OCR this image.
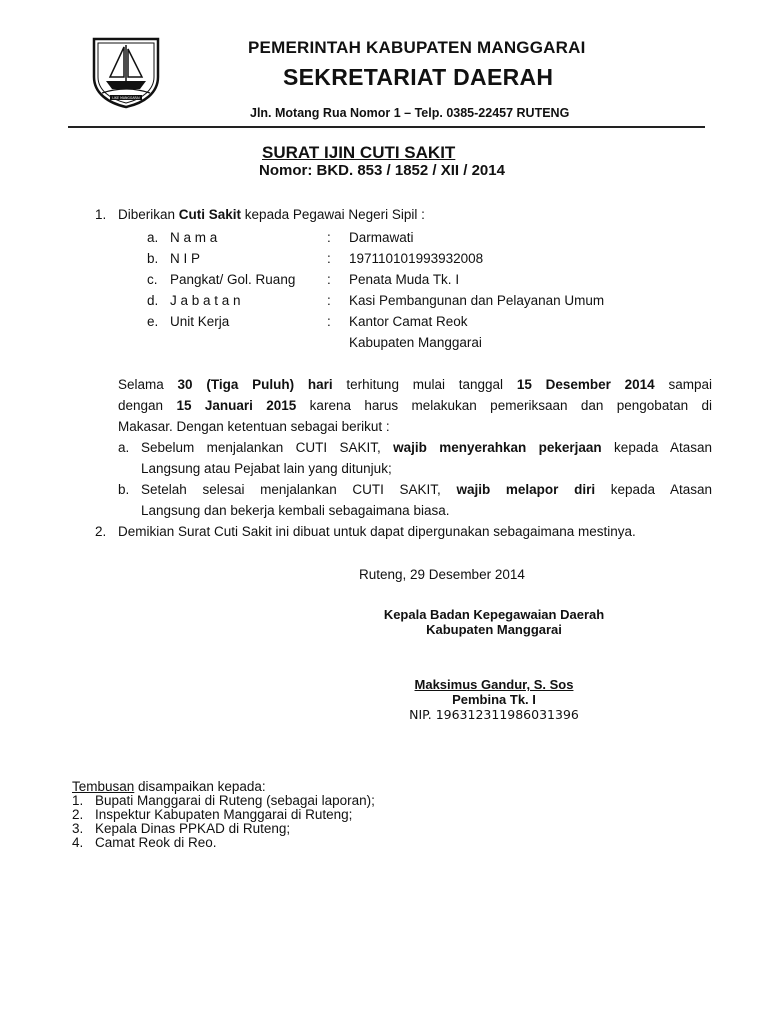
LIKE MANGGARAI
PEMERINTAH KABUPATEN MANGGARAI
SEKRETARIAT DAERAH
Jln. Motang Rua Nomor 1 – Telp. 0385-22457 RUTENG
SURAT IJIN CUTI SAKIT
Nomor: BKD. 853 / 1852 / XII / 2014
1. Diberikan Cuti Sakit kepada Pegawai Negeri Sipil :
a. N a m a	: Darmawati
b. N I P	: 197110101993932008
c. Pangkat/ Gol. Ruang : Penata Muda Tk. I
d. J a b a t a n	: Kasi Pembangunan dan Pelayanan Umum
e. Unit Kerja	: Kantor Camat Reok
Kabupaten Manggarai
Selama 30 (Tiga Puluh) hari terhitung mulai tanggal 15 Desember 2014 sampai
dengan 15 Januari 2015 karena harus melakukan pemeriksaan dan pengobatan di
Makasar. Dengan ketentuan sebagai berikut :
a. Sebelum menjalankan CUTI SAKIT, wajib menyerahkan pekerjaan kepada Atasan
Langsung atau Pejabat lain yang ditunjuk;
b. Setelah selesai menjalankan CUTI SAKIT, wajib melapor diri kepada Atasan
Langsung dan bekerja kembali sebagaimana biasa.
2. Demikian Surat Cuti Sakit ini dibuat untuk dapat dipergunakan sebagaimana mestinya.
Ruteng, 29 Desember 2014
Kepala Badan Kepegawaian Daerah
Kabupaten Manggarai
Maksimus Gandur, S. Sos
Pembina Tk. I
NIP. 196312311986031396
Tembusan disampaikan kepada:
1. Bupati Manggarai di Ruteng (sebagai laporan);
2. Inspektur Kabupaten Manggarai di Ruteng;
3. Kepala Dinas PPKAD di Ruteng;
4. Camat Reok di Reo.
